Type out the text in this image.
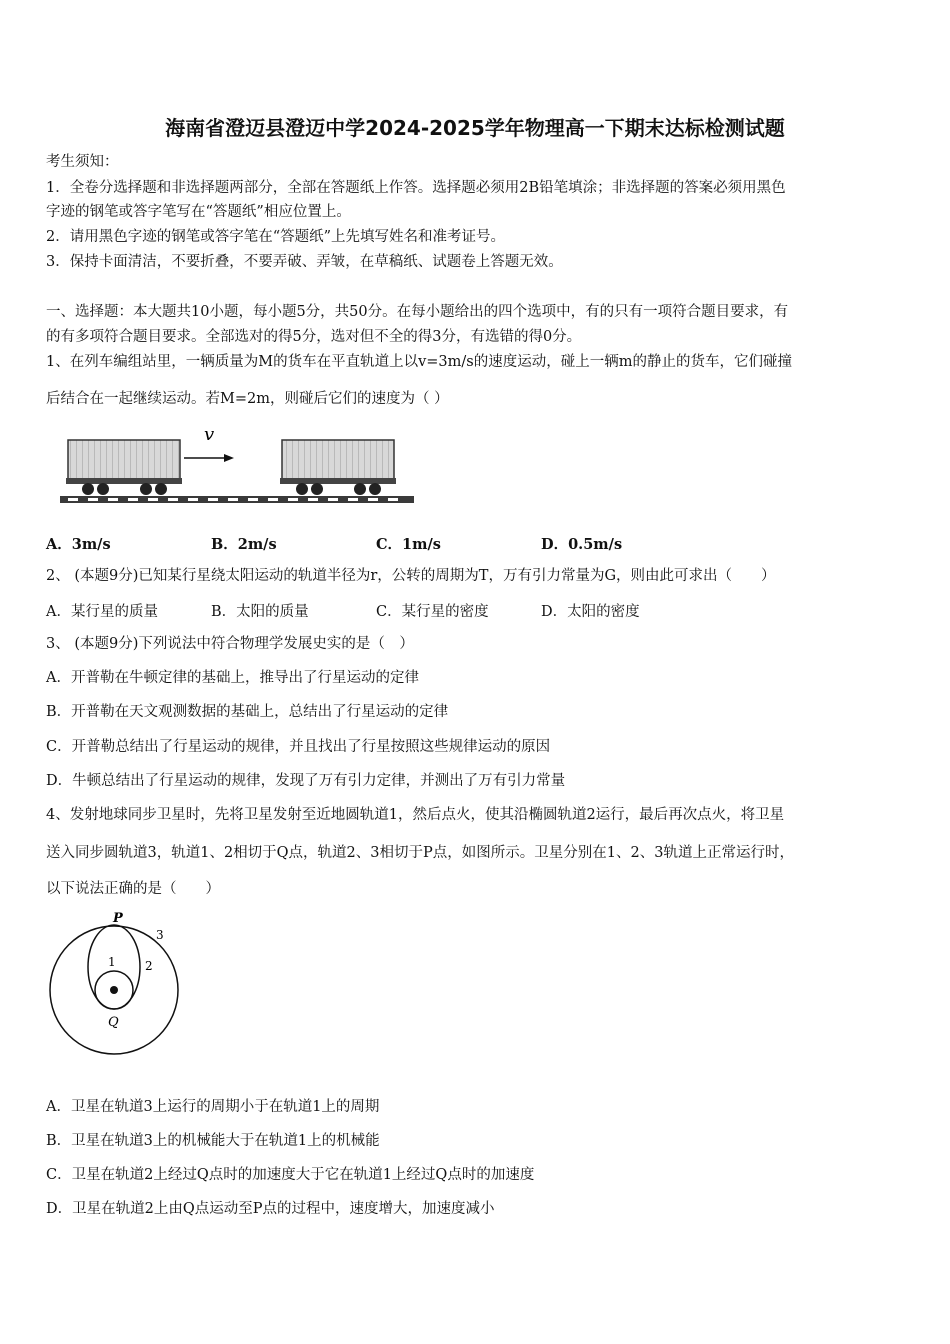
海南省澄迈县澄迈中学2024-2025学年物理高一下期末达标检测试题
考生须知：
1．全卷分选择题和非选择题两部分，全部在答题纸上作答。选择题必须用2B铅笔填涂；非选择题的答案必须用黑色
字迹的钢笔或答字笔写在“答题纸”相应位置上。
2．请用黑色字迹的钢笔或答字笔在“答题纸”上先填写姓名和准考证号。
3．保持卡面清洁，不要折叠，不要弄破、弄皱，在草稿纸、试题卷上答题无效。
一、选择题：本大题共10小题，每小题5分，共50分。在每小题给出的四个选项中，有的只有一项符合题目要求，有
的有多项符合题目要求。全部选对的得5分，选对但不全的得3分，有选错的得0分。
1、在列车编组站里，一辆质量为M的货车在平直轨道上以v=3m/s的速度运动，碰上一辆m的静止的货车，它们碰撞
后结合在一起继续运动。若M=2m，则碰后它们的速度为（ ）
v
A．3m/s	B．2m/s	C．1m/s	D．0.5m/s
2、 (本题9分)已知某行星绕太阳运动的轨道半径为r，公转的周期为T，万有引力常量为G，则由此可求出（　　）
A．某行星的质量	B．太阳的质量	C．某行星的密度	D．太阳的密度
3、 (本题9分)下列说法中符合物理学发展史实的是（　）
A．开普勒在牛顿定律的基础上，推导出了行星运动的定律
B．开普勒在天文观测数据的基础上，总结出了行星运动的定律
C．开普勒总结出了行星运动的规律，并且找出了行星按照这些规律运动的原因
D．牛顿总结出了行星运动的规律，发现了万有引力定律，并测出了万有引力常量
4、发射地球同步卫星时，先将卫星发射至近地圆轨道1，然后点火，使其沿椭圆轨道2运行，最后再次点火，将卫星
送入同步圆轨道3，轨道1、2相切于Q点，轨道2、3相切于P点，如图所示。卫星分别在1、2、3轨道上正常运行时，
以下说法正确的是（　　）
P
Q
1 2
3
A．卫星在轨道3上运行的周期小于在轨道1上的周期
B．卫星在轨道3上的机械能大于在轨道1上的机械能
C．卫星在轨道2上经过Q点时的加速度大于它在轨道1上经过Q点时的加速度
D．卫星在轨道2上由Q点运动至P点的过程中，速度增大，加速度减小
